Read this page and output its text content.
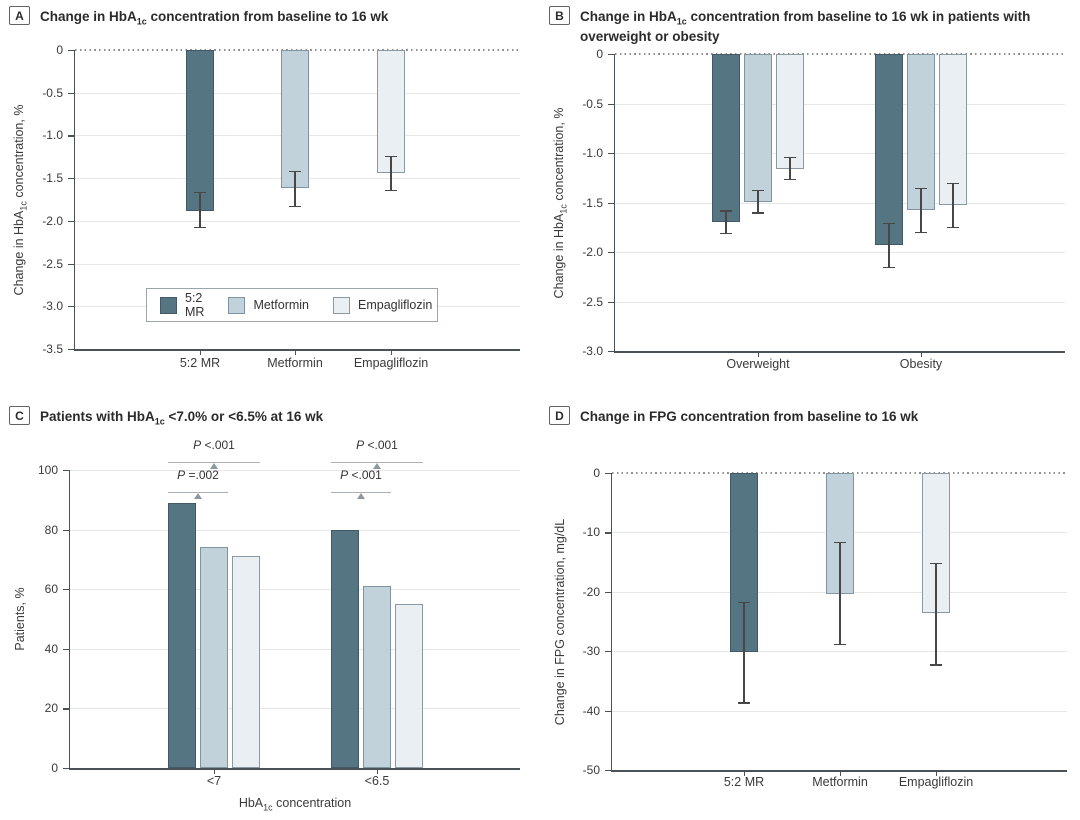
A	Change in HbA$_{1c}$ concentration from baseline to 16 wk
0
-0.5
-1.0
-1.5
-2.0
-2.5
-3.0
-3.5
5:2 MR	Metformin	Empagliflozin
Change in HbA$_{1c}$ concentration, %
5:2 MR	Metformin	Empagliflozin
B	Change in HbA$_{1c}$ concentration from baseline to 16 wk in patients with overweight or obesity
0
-0.5
-1.0
-1.5
-2.0
-2.5
-3.0
Overweight	Obesity
Change in HbA$_{1c}$ concentration, %
C	Patients with HbA$_{1c}$ <7.0% or <6.5% at 16 wk
P <.001
P =.002
P <.001
P <.001
0
20
40
60
80
100
<7	<6.5
Patients, %
HbA$_{1c}$ concentration
D	Change in FPG concentration from baseline to 16 wk
0
-10
-20
-30
-40
-50
5:2 MR	Metformin	Empagliflozin
Change in FPG concentration, mg/dL
